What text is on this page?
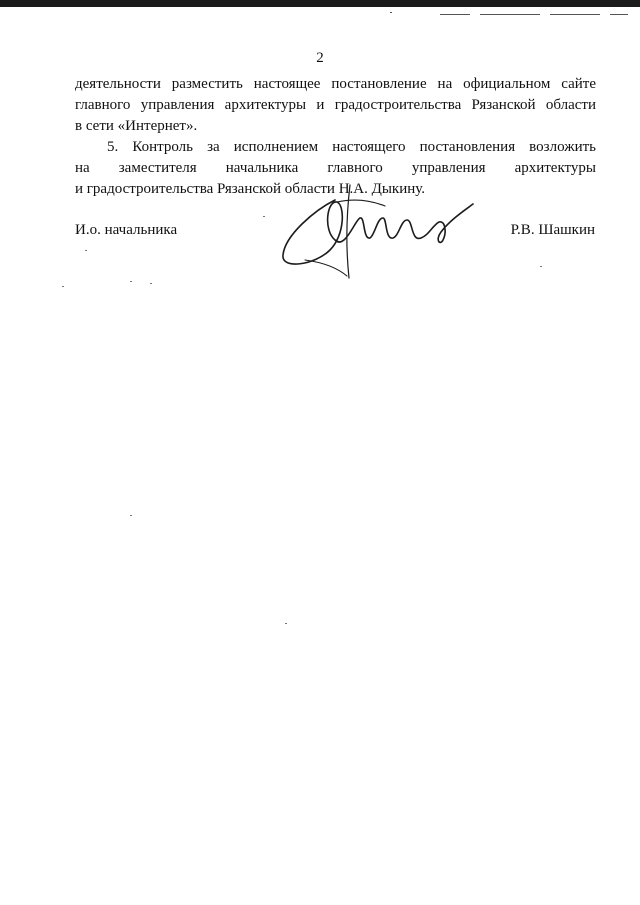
2
деятельности разместить настоящее постановление на официальном сайте
главного управления архитектуры и градостроительства Рязанской области
в сети «Интернет».
5. Контроль за исполнением настоящего постановления возложить
на заместителя начальника главного управления архитектуры
и градостроительства Рязанской области Н.А. Дыкину.
И.о. начальника	Р.В. Шашкин
